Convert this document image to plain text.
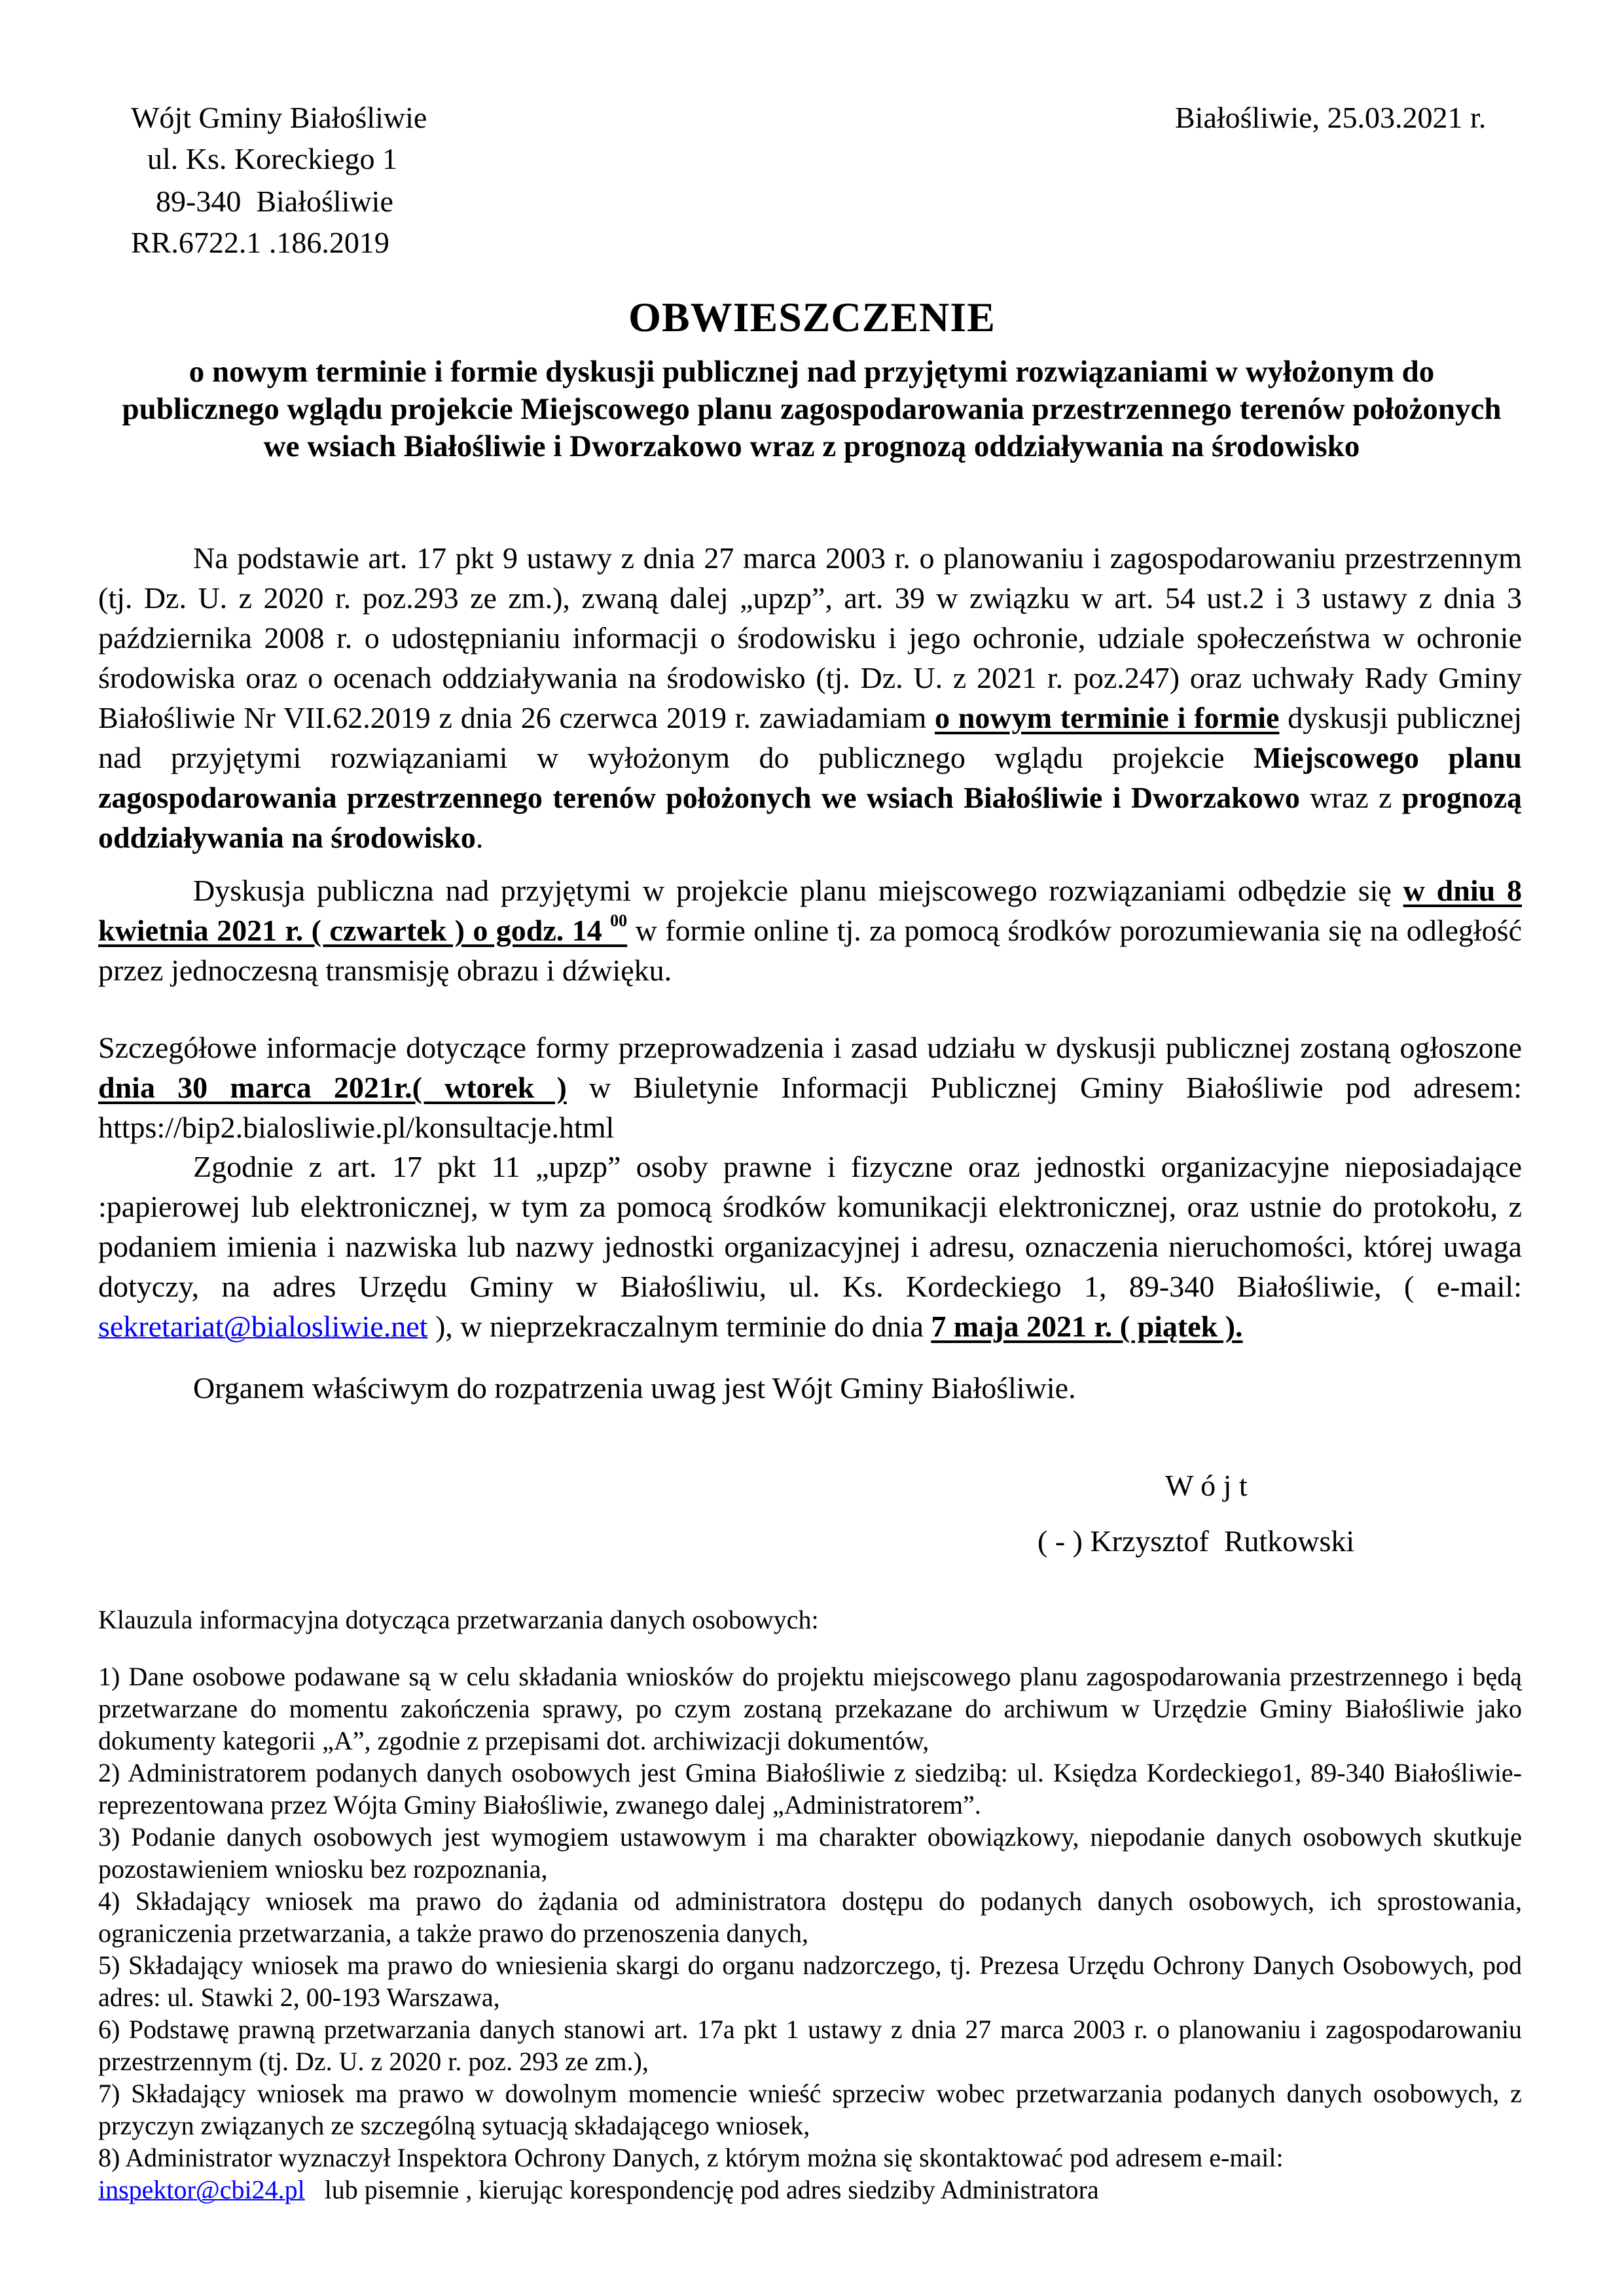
Wójt Gminy Białośliwie
ul. Ks. Koreckiego 1
89-340  Białośliwie
RR.6722.1 .186.2019
Białośliwie, 25.03.2021 r.
OBWIESZCZENIE
o nowym terminie i formie dyskusji publicznej nad przyjętymi rozwiązaniami w wyłożonym do publicznego wglądu projekcie Miejscowego planu zagospodarowania przestrzennego terenów położonych we wsiach Białośliwie i Dworzakowo wraz z prognozą oddziaływania na środowisko
Na podstawie art. 17 pkt 9 ustawy z dnia 27 marca 2003 r. o planowaniu i zagospodarowaniu przestrzennym (tj. Dz. U. z 2020 r. poz.293 ze zm.), zwaną dalej „upzp”, art. 39 w związku w art. 54 ust.2 i 3 ustawy z dnia 3 października 2008 r. o udostępnianiu informacji o środowisku i jego ochronie, udziale społeczeństwa w ochronie środowiska oraz o ocenach oddziaływania na środowisko (tj. Dz. U. z 2021 r. poz.247) oraz uchwały Rady Gminy Białośliwie Nr VII.62.2019 z dnia 26 czerwca 2019 r. zawiadamiam o nowym terminie i formie dyskusji publicznej nad przyjętymi rozwiązaniami w wyłożonym do publicznego wglądu projekcie Miejscowego planu zagospodarowania przestrzennego terenów położonych we wsiach Białośliwie i Dworzakowo wraz z prognozą oddziaływania na środowisko.
Dyskusja publiczna nad przyjętymi w projekcie planu miejscowego rozwiązaniami odbędzie się w dniu 8 kwietnia 2021 r. ( czwartek ) o godz. 14 $^{00}$ w formie online tj. za pomocą środków porozumiewania się na odległość przez jednoczesną transmisję obrazu i dźwięku.
Szczegółowe informacje dotyczące formy przeprowadzenia i zasad udziału w dyskusji publicznej zostaną ogłoszone dnia 30 marca 2021r.( wtorek ) w Biuletynie Informacji Publicznej Gminy Białośliwie pod adresem: https://bip2.bialosliwie.pl/konsultacje.html
Zgodnie z art. 17 pkt 11 „upzp” osoby prawne i fizyczne oraz jednostki organizacyjne nieposiadające :papierowej lub elektronicznej, w tym za pomocą środków komunikacji elektronicznej, oraz ustnie do protokołu, z podaniem imienia i nazwiska lub nazwy jednostki organizacyjnej i adresu, oznaczenia nieruchomości, której uwaga dotyczy, na adres Urzędu Gminy w Białośliwiu, ul. Ks. Kordeckiego 1, 89-340 Białośliwie, ( e-mail: sekretariat@bialosliwie.net ), w nieprzekraczalnym terminie do dnia 7 maja 2021 r. ( piątek ).
Organem właściwym do rozpatrzenia uwag jest Wójt Gminy Białośliwie.
W ó j t
( - ) Krzysztof  Rutkowski
Klauzula informacyjna dotycząca przetwarzania danych osobowych:

1) Dane osobowe podawane są w celu składania wniosków do projektu miejscowego planu zagospodarowania przestrzennego i będą przetwarzane do momentu zakończenia sprawy, po czym zostaną przekazane do archiwum w Urzędzie Gminy Białośliwie jako dokumenty kategorii „A”, zgodnie z przepisami dot. archiwizacji dokumentów,

2) Administratorem podanych danych osobowych jest Gmina Białośliwie z siedzibą: ul. Księdza Kordeckiego1, 89-340 Białośliwie- reprezentowana przez Wójta Gminy Białośliwie, zwanego dalej „Administratorem”.

3) Podanie danych osobowych jest wymogiem ustawowym i ma charakter obowiązkowy, niepodanie danych osobowych skutkuje pozostawieniem wniosku bez rozpoznania,

4) Składający wniosek ma prawo do żądania od administratora dostępu do podanych danych osobowych, ich sprostowania, ograniczenia przetwarzania, a także prawo do przenoszenia danych,

5) Składający wniosek ma prawo do wniesienia skargi do organu nadzorczego, tj. Prezesa Urzędu Ochrony Danych Osobowych, pod adres: ul. Stawki 2, 00-193 Warszawa,

6) Podstawę prawną przetwarzania danych stanowi art. 17a pkt 1 ustawy z dnia 27 marca 2003 r. o planowaniu i zagospodarowaniu przestrzennym (tj. Dz. U. z 2020 r. poz. 293 ze zm.),

7) Składający wniosek ma prawo w dowolnym momencie wnieść sprzeciw wobec przetwarzania podanych danych osobowych, z przyczyn związanych ze szczególną sytuacją składającego wniosek,

8) Administrator wyznaczył Inspektora Ochrony Danych, z którym można się skontaktować pod adresem e-mail:
inspektor@cbi24.pl   lub pisemnie , kierując korespondencję pod adres siedziby Administratora
